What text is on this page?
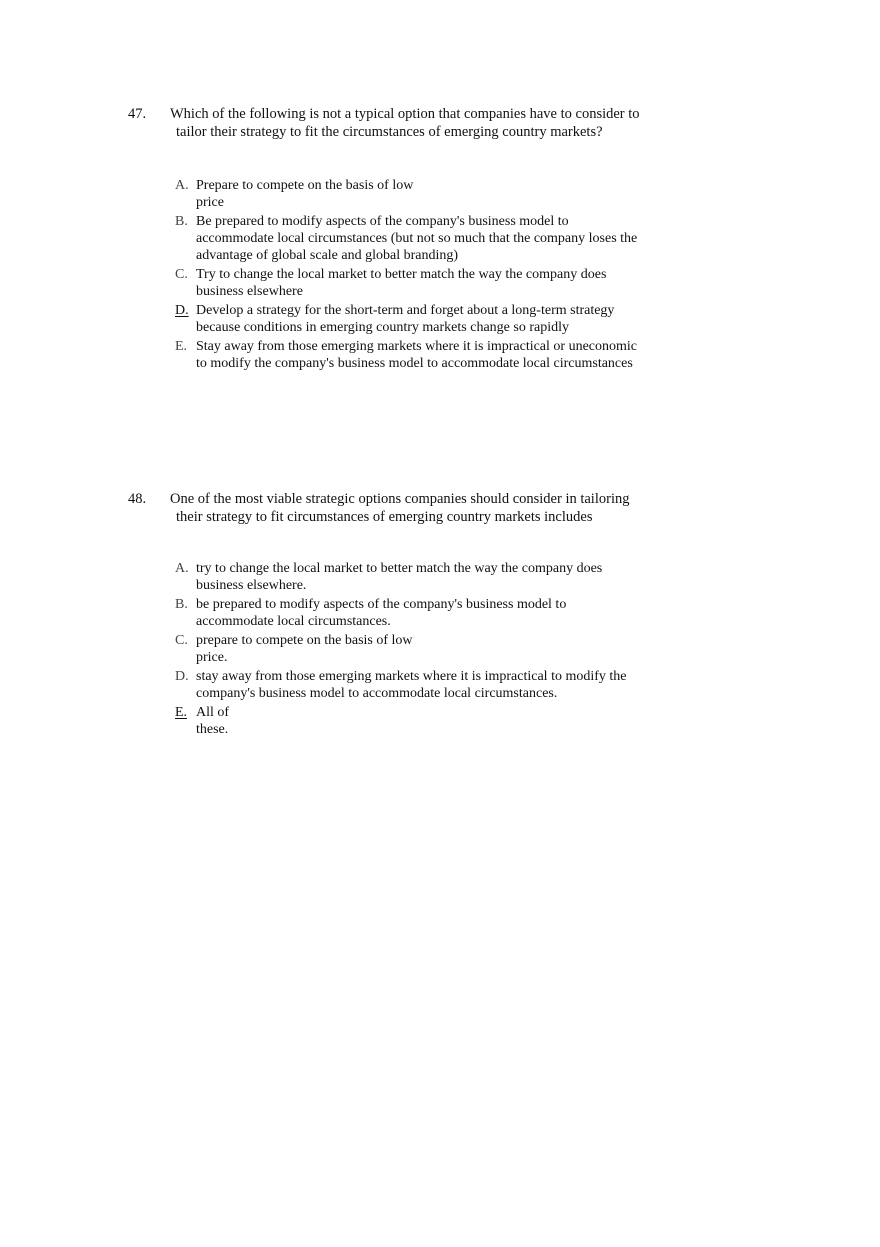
47. Which of the following is not a typical option that companies have to consider to
tailor their strategy to fit the circumstances of emerging country markets?

A. Prepare to compete on the basis of low
price
B. Be prepared to modify aspects of the company's business model to
accommodate local circumstances (but not so much that the company loses the
advantage of global scale and global branding)
C. Try to change the local market to better match the way the company does
business elsewhere
D. Develop a strategy for the short-term and forget about a long-term strategy
because conditions in emerging country markets change so rapidly
E. Stay away from those emerging markets where it is impractical or uneconomic
to modify the company's business model to accommodate local circumstances
48. One of the most viable strategic options companies should consider in tailoring
their strategy to fit circumstances of emerging country markets includes

A. try to change the local market to better match the way the company does
business elsewhere.
B. be prepared to modify aspects of the company's business model to
accommodate local circumstances.
C. prepare to compete on the basis of low
price.
D. stay away from those emerging markets where it is impractical to modify the
company's business model to accommodate local circumstances.
E. All of
these.
